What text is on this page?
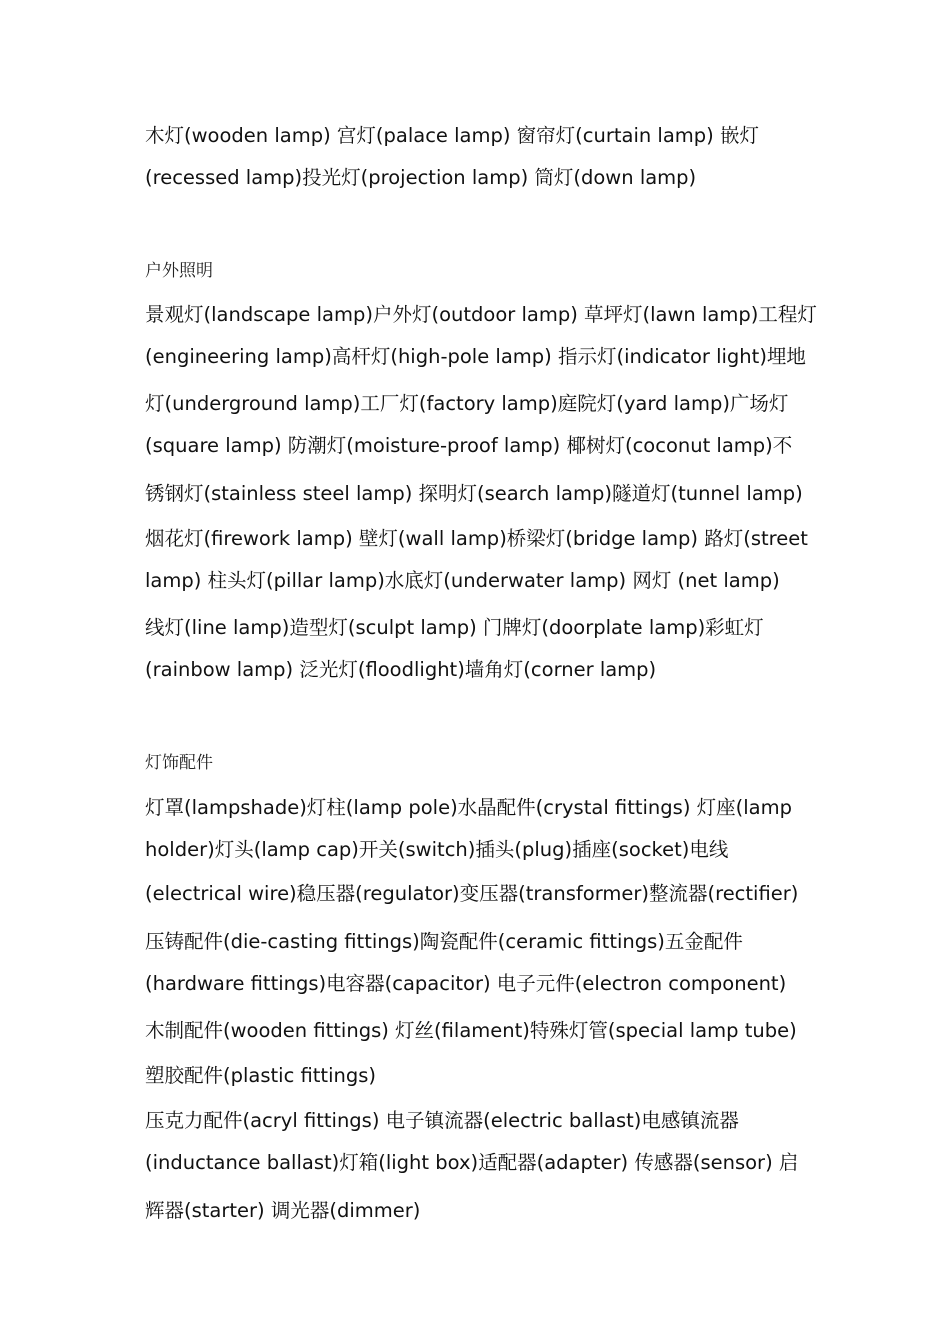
木灯(wooden lamp) 宫灯(palace lamp) 窗帘灯(curtain lamp) 嵌灯
(recessed lamp)投光灯(projection lamp) 筒灯(down lamp)
户外照明
景观灯(landscape lamp)户外灯(outdoor lamp) 草坪灯(lawn lamp)工程灯
(engineering lamp)高杆灯(high-pole lamp) 指示灯(indicator light)埋地
灯(underground lamp)工厂灯(factory lamp)庭院灯(yard lamp)广场灯
(square lamp) 防潮灯(moisture-proof lamp) 椰树灯(coconut lamp)不
锈钢灯(stainless steel lamp) 探明灯(search lamp)隧道灯(tunnel lamp)
烟花灯(firework lamp) 壁灯(wall lamp)桥梁灯(bridge lamp) 路灯(street
lamp) 柱头灯(pillar lamp)水底灯(underwater lamp) 网灯 (net lamp)
线灯(line lamp)造型灯(sculpt lamp) 门牌灯(doorplate lamp)彩虹灯
(rainbow lamp) 泛光灯(floodlight)墙角灯(corner lamp)
灯饰配件
灯罩(lampshade)灯柱(lamp pole)水晶配件(crystal fittings) 灯座(lamp
holder)灯头(lamp cap)开关(switch)插头(plug)插座(socket)电线
(electrical wire)稳压器(regulator)变压器(transformer)整流器(rectifier)
压铸配件(die-casting fittings)陶瓷配件(ceramic fittings)五金配件
(hardware fittings)电容器(capacitor) 电子元件(electron component)
木制配件(wooden fittings) 灯丝(filament)特殊灯管(special lamp tube)
塑胶配件(plastic fittings)
压克力配件(acryl fittings) 电子镇流器(electric ballast)电感镇流器
(inductance ballast)灯箱(light box)适配器(adapter) 传感器(sensor) 启
辉器(starter) 调光器(dimmer)
